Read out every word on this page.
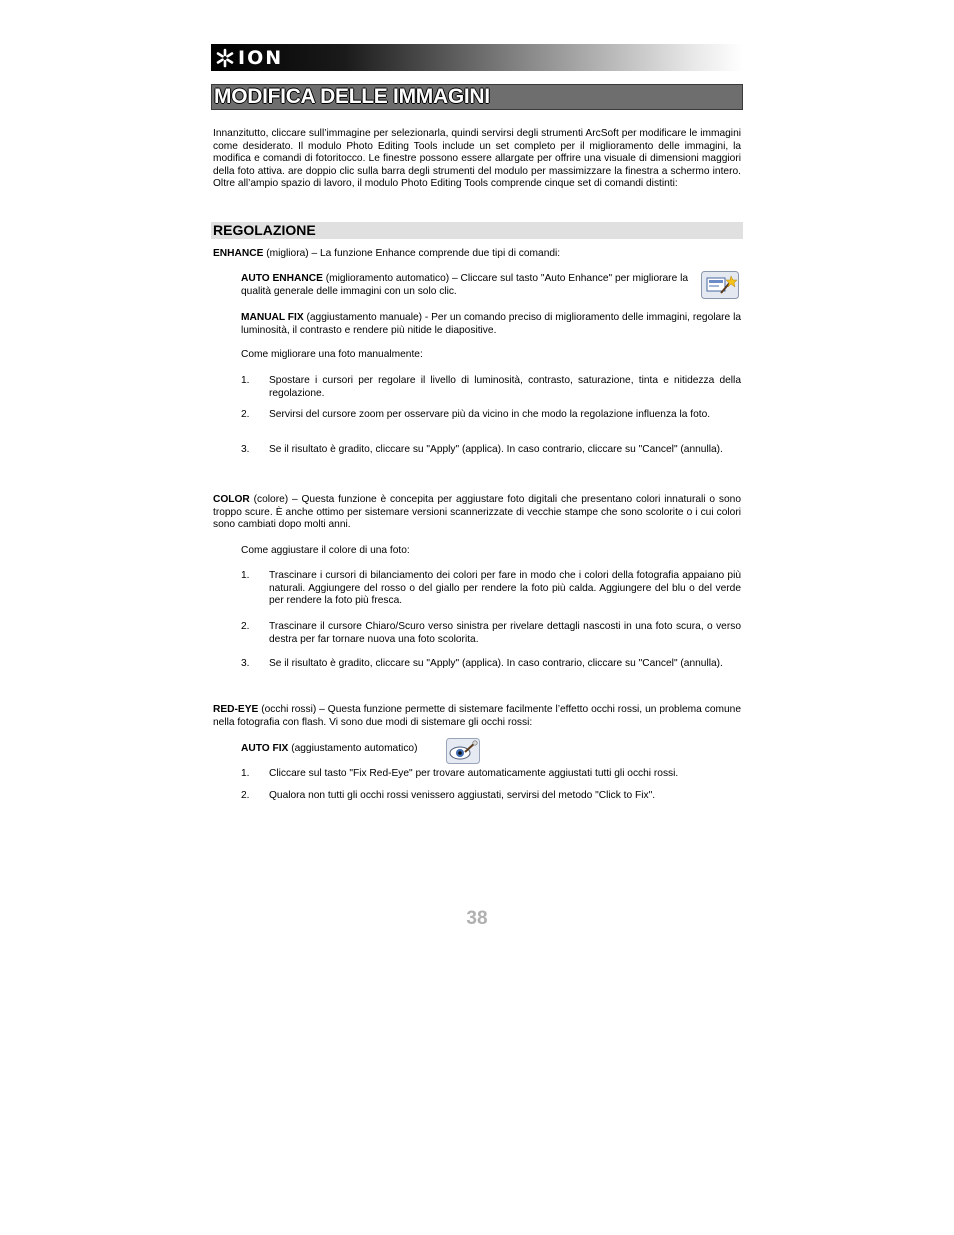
ION
MODIFICA DELLE IMMAGINI
Innanzitutto, cliccare sull’immagine per selezionarla, quindi servirsi degli strumenti ArcSoft per modificare le immagini come desiderato. Il modulo Photo Editing Tools include un set completo per il miglioramento delle immagini, la modifica e comandi di fotoritocco. Le finestre possono essere allargate per offrire una visuale di dimensioni maggiori della foto attiva. are doppio clic sulla barra degli strumenti del modulo per massimizzare la finestra a schermo intero. Oltre all’ampio spazio di lavoro, il modulo Photo Editing Tools comprende cinque set di comandi distinti:
REGOLAZIONE
ENHANCE (migliora) – La funzione Enhance comprende due tipi di comandi:
AUTO ENHANCE (miglioramento automatico) – Cliccare sul tasto "Auto Enhance" per migliorare la qualità generale delle immagini con un solo clic.
MANUAL FIX (aggiustamento manuale) - Per un comando preciso di miglioramento delle immagini, regolare la luminosità, il contrasto e rendere più nitide le diapositive.
Come migliorare una foto manualmente:
1. Spostare i cursori per regolare il livello di luminosità, contrasto, saturazione, tinta e nitidezza della regolazione.
2. Servirsi del cursore zoom per osservare più da vicino in che modo la regolazione influenza la foto.
3. Se il risultato è gradito, cliccare su "Apply" (applica). In caso contrario, cliccare su "Cancel" (annulla).
COLOR (colore) – Questa funzione è concepita per aggiustare foto digitali che presentano colori innaturali o sono troppo scure. È anche ottimo per sistemare versioni scannerizzate di vecchie stampe che sono scolorite o i cui colori sono cambiati dopo molti anni.
Come aggiustare il colore di una foto:
1. Trascinare i cursori di bilanciamento dei colori per fare in modo che i colori della fotografia appaiano più naturali. Aggiungere del rosso o del giallo per rendere la foto più calda. Aggiungere del blu o del verde per rendere la foto più fresca.
2. Trascinare il cursore Chiaro/Scuro verso sinistra per rivelare dettagli nascosti in una foto scura, o verso destra per far tornare nuova una foto scolorita.
3. Se il risultato è gradito, cliccare su "Apply" (applica). In caso contrario, cliccare su "Cancel" (annulla).
RED-EYE (occhi rossi) – Questa funzione permette di sistemare facilmente l’effetto occhi rossi, un problema comune nella fotografia con flash. Vi sono due modi di sistemare gli occhi rossi:
AUTO FIX (aggiustamento automatico)
1. Cliccare sul tasto "Fix Red-Eye" per trovare automaticamente aggiustati tutti gli occhi rossi.
2. Qualora non tutti gli occhi rossi venissero aggiustati, servirsi del metodo "Click to Fix".
38
